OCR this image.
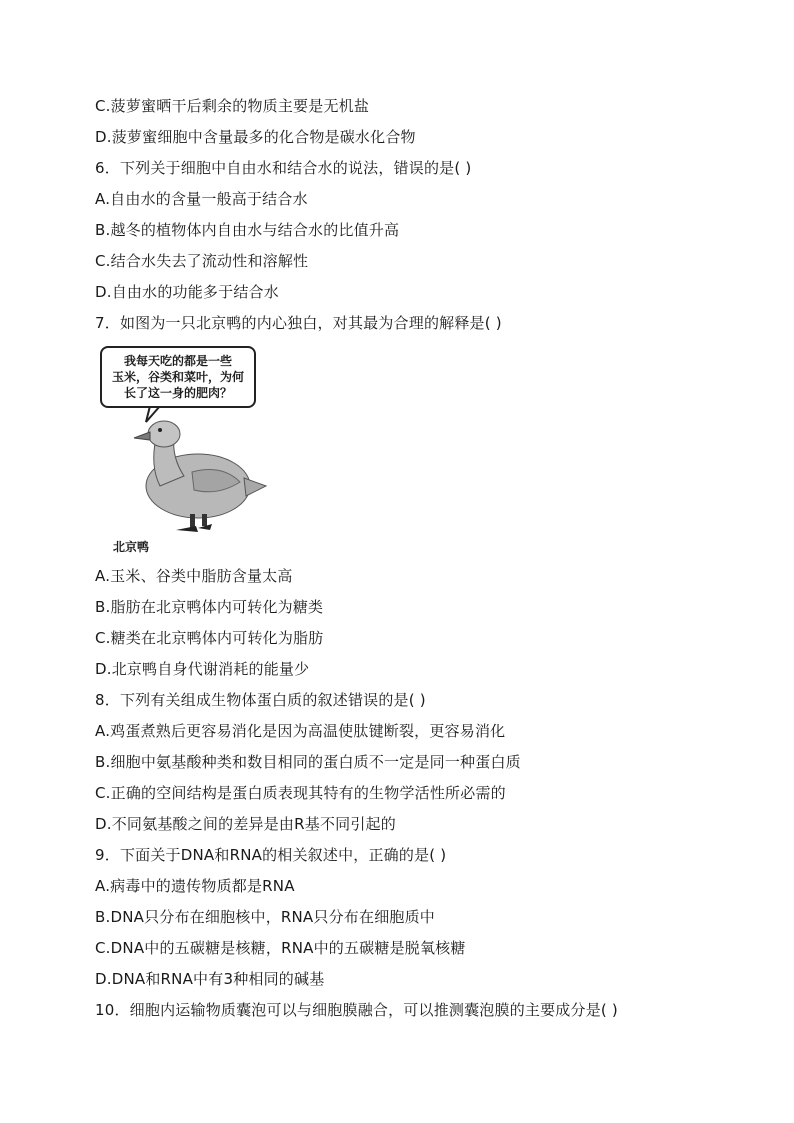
C.菠萝蜜晒干后剩余的物质主要是无机盐
D.菠萝蜜细胞中含量最多的化合物是碳水化合物
6．下列关于细胞中自由水和结合水的说法，错误的是( )
A.自由水的含量一般高于结合水
B.越冬的植物体内自由水与结合水的比值升高
C.结合水失去了流动性和溶解性
D.自由水的功能多于结合水
7．如图为一只北京鸭的内心独白，对其最为合理的解释是( )
我每天吃的都是一些
玉米，谷类和菜叶，为何
长了这一身的肥肉？
北京鸭
A.玉米、谷类中脂肪含量太高
B.脂肪在北京鸭体内可转化为糖类
C.糖类在北京鸭体内可转化为脂肪
D.北京鸭自身代谢消耗的能量少
8．下列有关组成生物体蛋白质的叙述错误的是( )
A.鸡蛋煮熟后更容易消化是因为高温使肽键断裂，更容易消化
B.细胞中氨基酸种类和数目相同的蛋白质不一定是同一种蛋白质
C.正确的空间结构是蛋白质表现其特有的生物学活性所必需的
D.不同氨基酸之间的差异是由R基不同引起的
9．下面关于DNA和RNA的相关叙述中，正确的是( )
A.病毒中的遗传物质都是RNA
B.DNA只分布在细胞核中，RNA只分布在细胞质中
C.DNA中的五碳糖是核糖，RNA中的五碳糖是脱氧核糖
D.DNA和RNA中有3种相同的碱基
10．细胞内运输物质囊泡可以与细胞膜融合，可以推测囊泡膜的主要成分是( )
